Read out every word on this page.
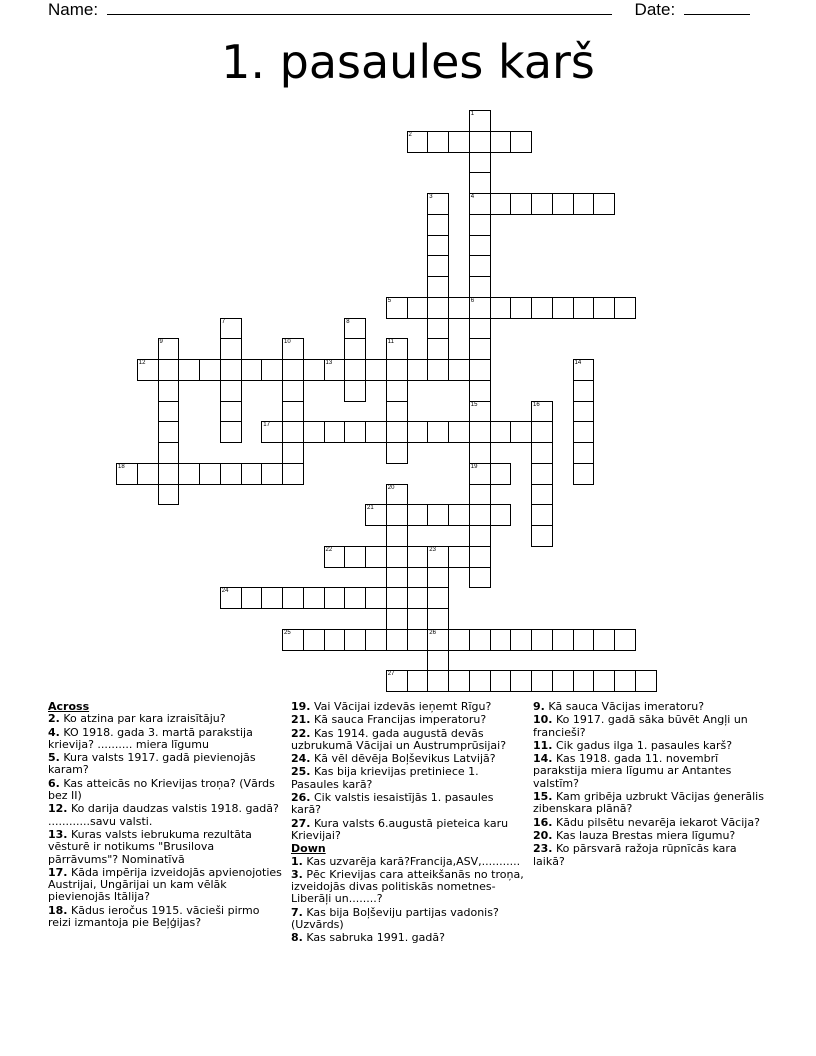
Name:	Date:
1. pasaules karš
1
4
6
15
19
2
3
5
7	8
9	10	11
12	13	14
16
17
18
20
21
22	23
26
24
25
27
Across
2. Ko atzina par kara izraisītāju?
4. KO 1918. gada 3. martā parakstija krievija? .......... miera līgumu
5. Kura valsts 1917. gadā pievienojās karam?
6. Kas atteicās no Krievijas troņa? (Vārds bez II)
12. Ko darija daudzas valstis 1918. gadā? ............savu valsti.
13. Kuras valsts iebrukuma rezultāta vēsturē ir notikums "Brusilova pārrāvums"? Nominatīvā
17. Kāda impērija izveidojās apvienojoties Austrijai, Ungārijai un kam vēlāk pievienojās Itālija?
18. Kādus ieročus 1915. vācieši pirmo reizi izmantoja pie Beļģijas?
19. Vai Vācijai izdevās ieņemt Rīgu?
21. Kā sauca Francijas imperatoru?
22. Kas 1914. gada augustā devās uzbrukumā Vācijai un Austrumprūsijai?
24. Kā vēl dēvēja Boļševikus Latvijā?
25. Kas bija krievijas pretiniece 1. Pasaules karā?
26. Cik valstis iesaistījās 1. pasaules karā?
27. Kura valsts 6.augustā pieteica karu Krievijai?
Down
1. Kas uzvarēja karā?Francija,ASV,...........
3. Pēc Krievijas cara atteikšanās no troņa, izveidojās divas politiskās nometnes- Liberāļi un........?
7. Kas bija Boļševiju partijas vadonis?(Uzvārds)
8. Kas sabruka 1991. gadā?
9. Kā sauca Vācijas imeratoru?
10. Ko 1917. gadā sāka būvēt Angļi un francieši?
11. Cik gadus ilga 1. pasaules karš?
14. Kas 1918. gada 11. novembrī parakstija miera līgumu ar Antantes valstīm?
15. Kam gribēja uzbrukt Vācijas ģenerālis zibenskara plānā?
16. Kādu pilsētu nevarēja iekarot Vācija?
20. Kas lauza Brestas miera līgumu?
23. Ko pārsvarā ražoja rūpnīcās kara laikā?
